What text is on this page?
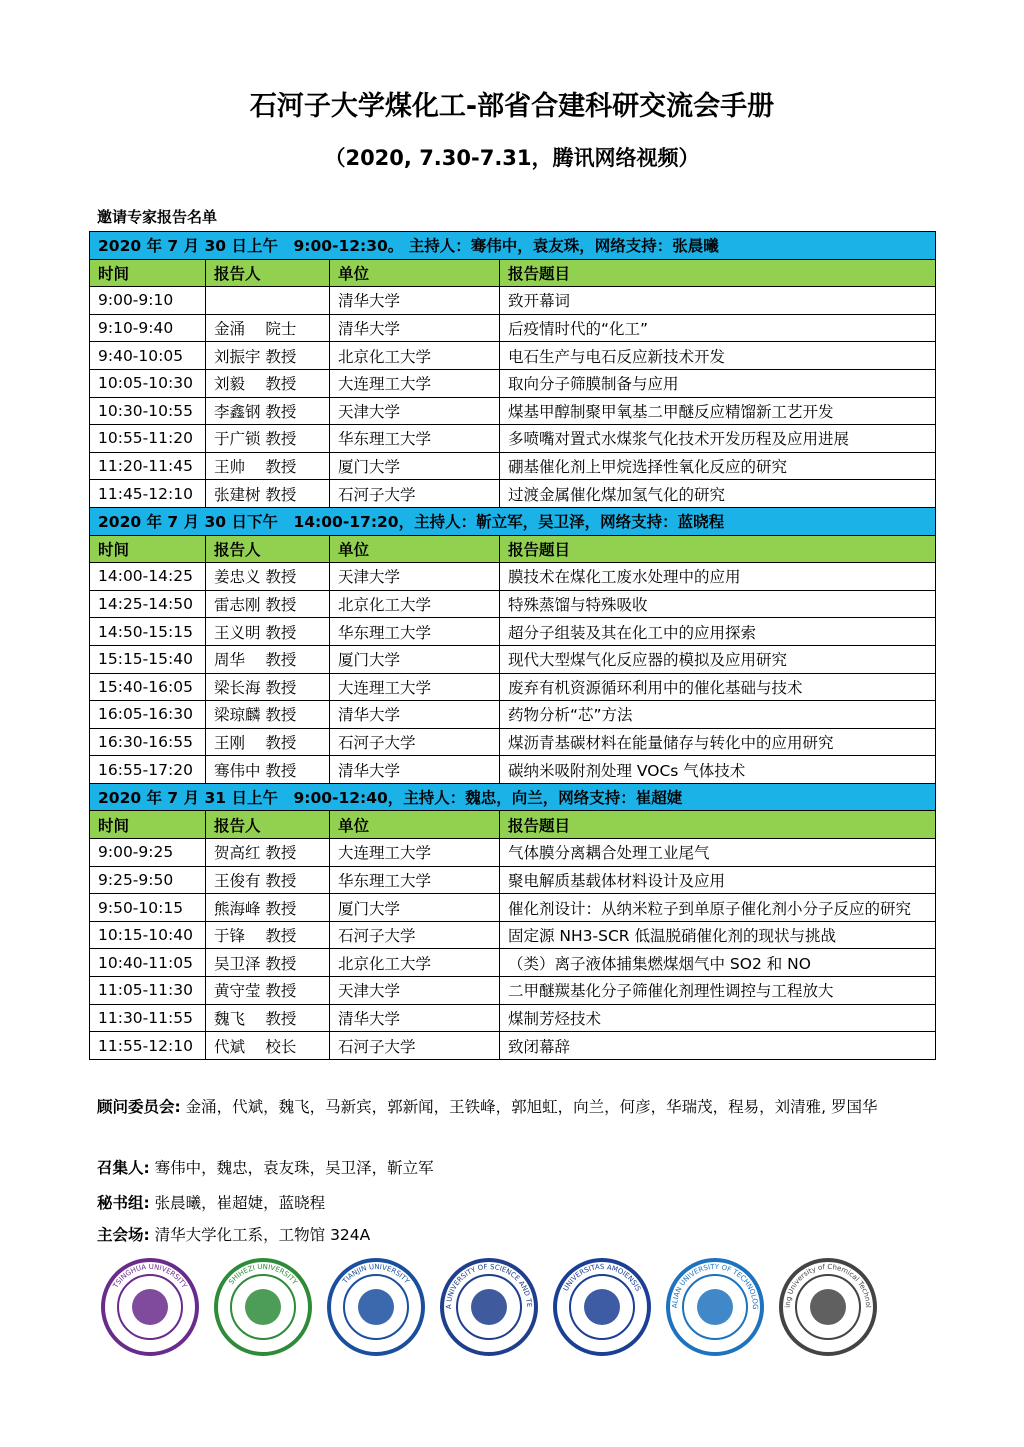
石河子大学煤化工-部省合建科研交流会手册
（2020, 7.30-7.31，腾讯网络视频）
邀请专家报告名单
2020 年 7 月 30 日上午　9:00-12:30。 主持人：骞伟中，袁友珠，网络支持：张晨曦			
时间	报告人	单位	报告题目
9:00-9:10		清华大学	致开幕词
9:10-9:40	金涌　 院士	清华大学	后疫情时代的“化工”
9:40-10:05	刘振宇 教授	北京化工大学	电石生产与电石反应新技术开发
10:05-10:30	刘毅　 教授	大连理工大学	取向分子筛膜制备与应用
10:30-10:55	李鑫钢 教授	天津大学	煤基甲醇制聚甲氧基二甲醚反应精馏新工艺开发
10:55-11:20	于广锁 教授	华东理工大学	多喷嘴对置式水煤浆气化技术开发历程及应用进展
11:20-11:45	王帅　 教授	厦门大学	硼基催化剂上甲烷选择性氧化反应的研究
11:45-12:10	张建树 教授	石河子大学	过渡金属催化煤加氢气化的研究
2020 年 7 月 30 日下午　14:00-17:20，主持人：靳立军，吴卫泽，网络支持：蓝晓程			
时间	报告人	单位	报告题目
14:00-14:25	姜忠义 教授	天津大学	膜技术在煤化工废水处理中的应用
14:25-14:50	雷志刚 教授	北京化工大学	特殊蒸馏与特殊吸收
14:50-15:15	王义明 教授	华东理工大学	超分子组装及其在化工中的应用探索
15:15-15:40	周华　 教授	厦门大学	现代大型煤气化反应器的模拟及应用研究
15:40-16:05	梁长海 教授	大连理工大学	废弃有机资源循环利用中的催化基础与技术
16:05-16:30	梁琼麟 教授	清华大学	药物分析“芯”方法
16:30-16:55	王刚　 教授	石河子大学	煤沥青基碳材料在能量储存与转化中的应用研究
16:55-17:20	骞伟中 教授	清华大学	碳纳米吸附剂处理 VOCs 气体技术
2020 年 7 月 31 日上午　9:00-12:40，主持人：魏忠，向兰，网络支持：崔超婕			
时间	报告人	单位	报告题目
9:00-9:25	贺高红 教授	大连理工大学	气体膜分离耦合处理工业尾气
9:25-9:50	王俊有 教授	华东理工大学	聚电解质基载体材料设计及应用
9:50-10:15	熊海峰 教授	厦门大学	催化剂设计：从纳米粒子到单原子催化剂小分子反应的研究
10:15-10:40	于锋　 教授	石河子大学	固定源 NH3-SCR 低温脱硝催化剂的现状与挑战
10:40-11:05	吴卫泽 教授	北京化工大学	（类）离子液体捕集燃煤烟气中 SO2 和 NO
11:05-11:30	黄守莹 教授	天津大学	二甲醚羰基化分子筛催化剂理性调控与工程放大
11:30-11:55	魏飞　 教授	清华大学	煤制芳烃技术
11:55-12:10	代斌　 校长	石河子大学	致闭幕辞
顾问委员会: 金涌，代斌，魏飞，马新宾，郭新闻，王铁峰，郭旭虹，向兰，何彦，华瑞茂，程易，刘清雅, 罗国华
召集人: 骞伟中，魏忠，袁友珠，吴卫泽，靳立军
秘书组: 张晨曦，崔超婕，蓝晓程
主会场: 清华大学化工系，工物馆 324A
TSINGHUA UNIVERSITY	SHIHEZI UNIVERSITY	TIANJIN UNIVERSITY
A UNIVERSITY OF SCIENCE AND TE
UNIVERSITAS AMOIENSIS
ALIAN UNIVERSITY OF TECHNOLOG	ing University of Chemical Technol
